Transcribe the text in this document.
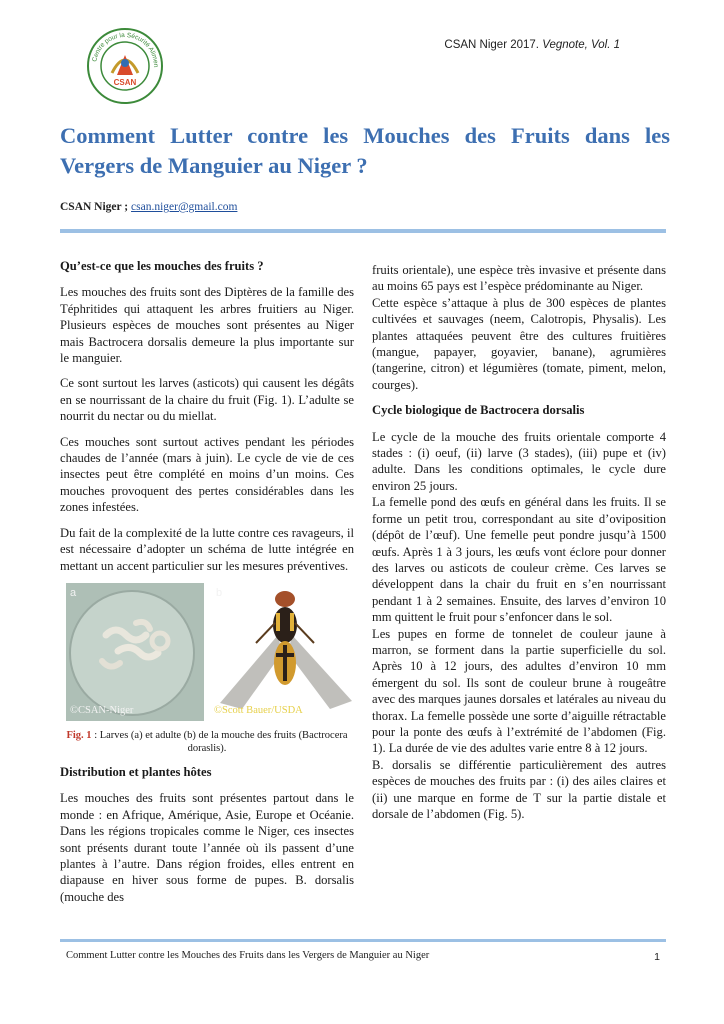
CSAN
Centre pour la Sécurité Alimen
CSAN Niger 2017. Vegnote, Vol. 1
Comment Lutter contre les Mouches des Fruits dans les Vergers de Manguier au Niger ?
CSAN Niger ; csan.niger@gmail.com
Qu’est-ce que les mouches des fruits ?

Les mouches des fruits sont des Diptères de la famille des Téphritides qui attaquent les arbres fruitiers au Niger. Plusieurs espèces de mouches sont présentes au Niger mais Bactrocera dorsalis demeure la plus importante sur le manguier.

Ce sont surtout les larves (asticots) qui causent les dégâts en se nourrissant de la chaire du fruit (Fig. 1). L’adulte se nourrit du nectar ou du miellat.

Ces mouches sont surtout actives pendant les périodes chaudes de l’année (mars à juin). Le cycle de vie de ces insectes peut être complété en moins d’un moins. Ces mouches provoquent des pertes considérables dans les zones infestées.

Du fait de la complexité de la lutte contre ces ravageurs, il est nécessaire d’adopter un schéma de lutte intégrée en mettant un accent particulier sur les mesures préventives.

a
©CSAN-Niger
b
©Scott Bauer/USDA

Fig. 1 : Larves (a) et adulte (b) de la mouche des fruits (Bactrocera doraslis).

Distribution et plantes hôtes

Les mouches des fruits sont présentes partout dans le monde : en Afrique, Amérique, Asie, Europe et Océanie. Dans les régions tropicales comme le Niger, ces insectes sont présents durant toute l’année où ils passent d’une plantes à l’autre. Dans région froides, elles entrent en diapause en hiver sous forme de pupes. B. dorsalis (mouche des

fruits orientale), une espèce très invasive et présente dans au moins 65 pays est l’espèce prédominante au Niger.

Cette espèce s’attaque à plus de 300 espèces de plantes cultivées et sauvages (neem, Calotropis, Physalis). Les plantes attaquées peuvent être des cultures fruitières (mangue, papayer, goyavier, banane), agrumières (tangerine, citron) et légumières (tomate, piment, melon, courges).

Cycle biologique de Bactrocera dorsalis

Le cycle de la mouche des fruits orientale comporte 4 stades : (i) oeuf, (ii) larve (3 stades), (iii) pupe et (iv) adulte. Dans les conditions optimales, le cycle dure environ 25 jours.

La femelle pond des œufs en général dans les fruits. Il se forme un petit trou, correspondant au site d’oviposition (dépôt de l’œuf). Une femelle peut pondre jusqu’à 1500 œufs. Après 1 à 3 jours, les œufs vont éclore pour donner des larves ou asticots de couleur crème. Ces larves se développent dans la chair du fruit en s’en nourrissant pendant 1 à 2 semaines. Ensuite, des larves d’environ 10 mm quittent le fruit pour s’enfoncer dans le sol.

Les pupes en forme de tonnelet de couleur jaune à marron, se forment dans la partie superficielle du sol. Après 10 à 12 jours, des adultes d’environ 10 mm émergent du sol. Ils sont de couleur brune à rougeâtre avec des marques jaunes dorsales et latérales au niveau du thorax. La femelle possède une sorte d’aiguille rétractable pour la ponte des œufs à l’extrémité de l’abdomen (Fig. 1). La durée de vie des adultes varie entre 8 à 12 jours.

B. dorsalis se différentie particulièrement des autres espèces de mouches des fruits par : (i) des ailes claires et (ii) une marque en forme de T sur la partie distale et dorsale de l’abdomen (Fig. 5).

Comment Lutter contre les Mouches des Fruits dans les Vergers de Manguier au Niger	1
